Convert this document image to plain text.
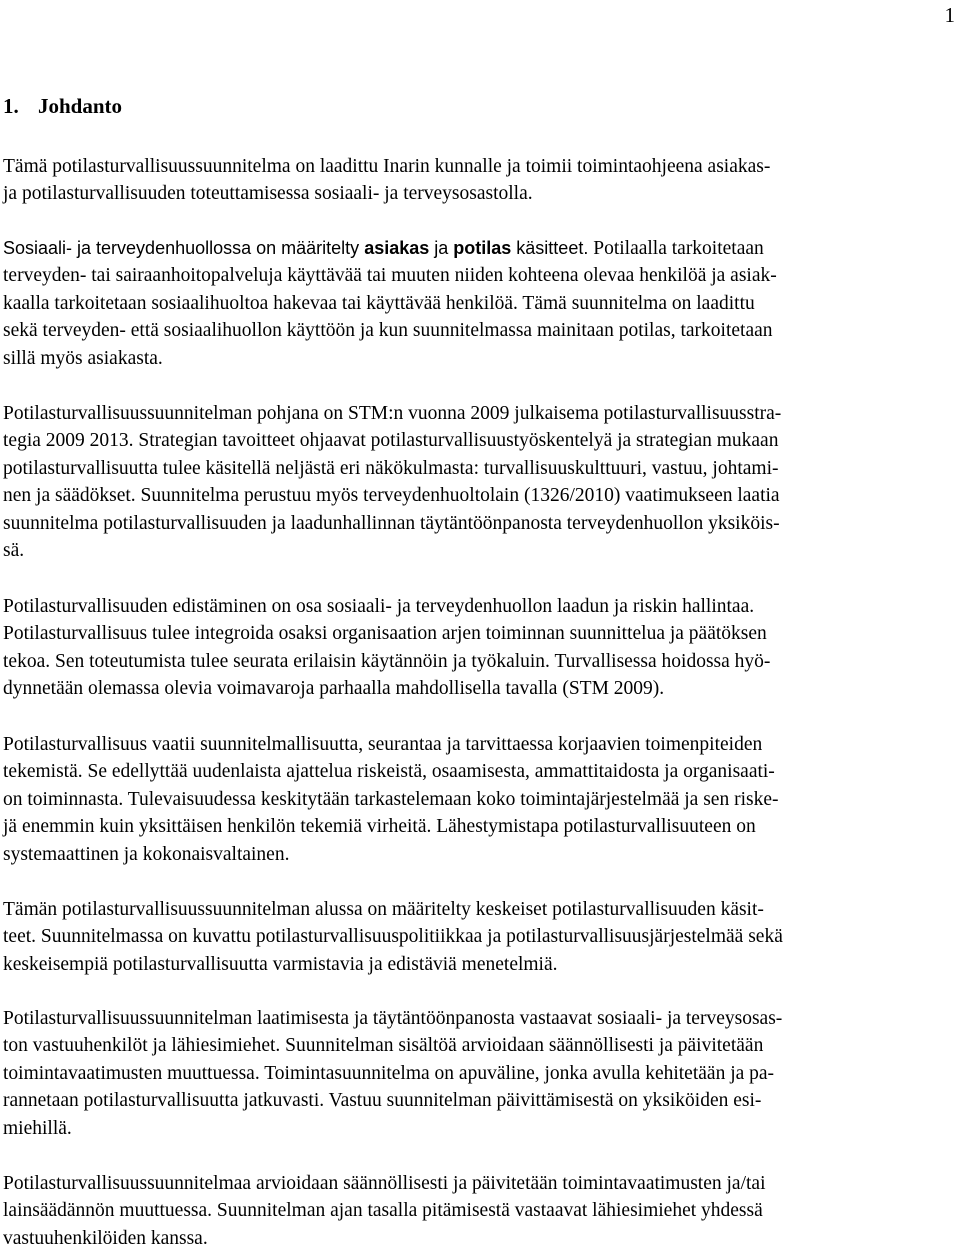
1
1. Johdanto

Tämä potilasturvallisuussuunnitelma on laadittu Inarin kunnalle ja toimii toimintaohjeena asiakas-
ja potilasturvallisuuden toteuttamisessa sosiaali- ja terveysosastolla.

Sosiaali- ja terveydenhuollossa on määritelty asiakas ja potilas käsitteet. Potilaalla tarkoitetaan
terveyden- tai sairaanhoitopalveluja käyttävää tai muuten niiden kohteena olevaa henkilöä ja asiak-
kaalla tarkoitetaan sosiaalihuoltoa hakevaa tai käyttävää henkilöä. Tämä suunnitelma on laadittu
sekä terveyden- että sosiaalihuollon käyttöön ja kun suunnitelmassa mainitaan potilas, tarkoitetaan
sillä myös asiakasta.

Potilasturvallisuussuunnitelman pohjana on STM:n vuonna 2009 julkaisema potilasturvallisuusstra-
tegia 2009 2013. Strategian tavoitteet ohjaavat potilasturvallisuustyöskentelyä ja strategian mukaan
potilasturvallisuutta tulee käsitellä neljästä eri näkökulmasta: turvallisuuskulttuuri, vastuu, johtami-
nen ja säädökset. Suunnitelma perustuu myös terveydenhuoltolain (1326/2010) vaatimukseen laatia
suunnitelma potilasturvallisuuden ja laadunhallinnan täytäntöönpanosta terveydenhuollon yksiköis-
sä.

Potilasturvallisuuden edistäminen on osa sosiaali- ja terveydenhuollon laadun ja riskin hallintaa.
Potilasturvallisuus tulee integroida osaksi organisaation arjen toiminnan suunnittelua ja päätöksen
tekoa. Sen toteutumista tulee seurata erilaisin käytännöin ja työkaluin. Turvallisessa hoidossa hyö-
dynnetään olemassa olevia voimavaroja parhaalla mahdollisella tavalla (STM 2009).

Potilasturvallisuus vaatii suunnitelmallisuutta, seurantaa ja tarvittaessa korjaavien toimenpiteiden
tekemistä. Se edellyttää uudenlaista ajattelua riskeistä, osaamisesta, ammattitaidosta ja organisaati-
on toiminnasta. Tulevaisuudessa keskitytään tarkastelemaan koko toimintajärjestelmää ja sen riske-
jä enemmin kuin yksittäisen henkilön tekemiä virheitä. Lähestymistapa potilasturvallisuuteen on
systemaattinen ja kokonaisvaltainen.

Tämän potilasturvallisuussuunnitelman alussa on määritelty keskeiset potilasturvallisuuden käsit-
teet. Suunnitelmassa on kuvattu potilasturvallisuuspolitiikkaa ja potilasturvallisuusjärjestelmää sekä
keskeisempiä potilasturvallisuutta varmistavia ja edistäviä menetelmiä.

Potilasturvallisuussuunnitelman laatimisesta ja täytäntöönpanosta vastaavat sosiaali- ja terveysosas-
ton vastuuhenkilöt ja lähiesimiehet. Suunnitelman sisältöä arvioidaan säännöllisesti ja päivitetään
toimintavaatimusten muuttuessa. Toimintasuunnitelma on apuväline, jonka avulla kehitetään ja pa-
rannetaan potilasturvallisuutta jatkuvasti. Vastuu suunnitelman päivittämisestä on yksiköiden esi-
miehillä.

Potilasturvallisuussuunnitelmaa arvioidaan säännöllisesti ja päivitetään toimintavaatimusten ja/tai
lainsäädännön muuttuessa. Suunnitelman ajan tasalla pitämisestä vastaavat lähiesimiehet yhdessä
vastuuhenkilöiden kanssa.
